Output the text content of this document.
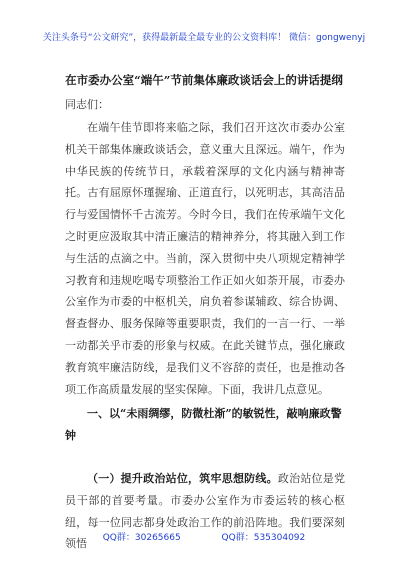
关注头条号“公文研究”，获得最新最全最专业的公文资料库！ 微信：gongwenyj
在市委办公室“端午”节前集体廉政谈话会上的讲话提纲
同志们：
在端午佳节即将来临之际，我们召开这次市委办公室机关干部集体廉政谈话会，意义重大且深远。端午，作为中华民族的传统节日，承载着深厚的文化内涵与精神寄托。古有屈原怀瑾握瑜、正道直行，以死明志，其高洁品行与爱国情怀千古流芳。今时今日，我们在传承端午文化之时更应汲取其中清正廉洁的精神养分，将其融入到工作与生活的点滴之中。当前，深入贯彻中央八项规定精神学习教育和违规吃喝专项整治工作正如火如荼开展，市委办公室作为市委的中枢机关，肩负着参谋辅政、综合协调、督查督办、服务保障等重要职责，我们的一言一行、一举一动都关乎市委的形象与权威。在此关键节点，强化廉政教育筑牢廉洁防线，是我们义不容辞的责任，也是推动各项工作高质量发展的坚实保障。下面，我讲几点意见。
一、以“未雨绸缪，防微杜渐”的敏锐性，敲响廉政警钟
（一）提升政治站位，筑牢思想防线。政治站位是党员干部的首要考量。市委办公室作为市委运转的核心枢纽，每一位同志都身处政治工作的前沿阵地。我们要深刻领悟	QQ群：30265665 QQ群：535304092
